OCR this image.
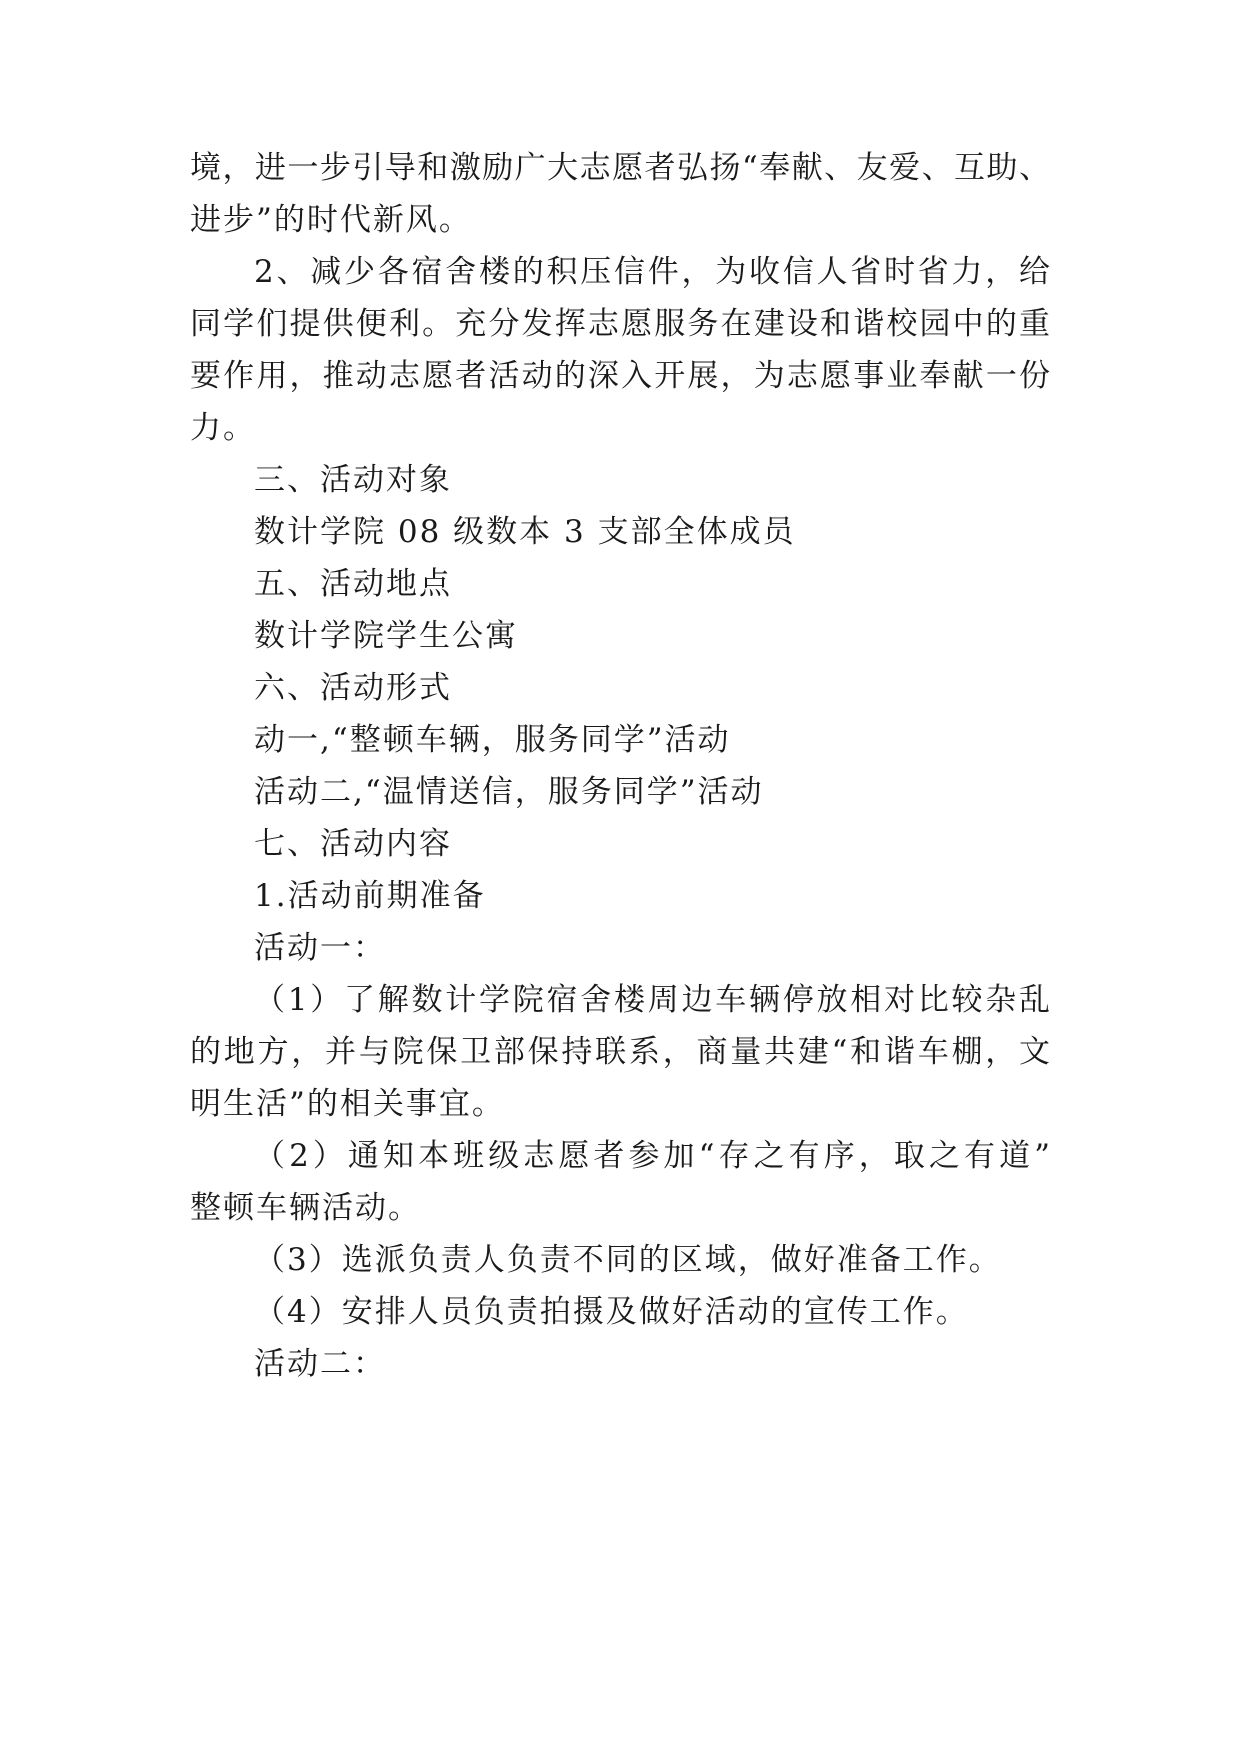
境，进一步引导和激励广大志愿者弘扬“奉献、友爱、互助、
进步”的时代新风。
2、减少各宿舍楼的积压信件，为收信人省时省力，给
同学们提供便利。充分发挥志愿服务在建设和谐校园中的重
要作用，推动志愿者活动的深入开展，为志愿事业奉献一份
力。
三、活动对象
数计学院 08 级数本 3 支部全体成员
五、活动地点
数计学院学生公寓
六、活动形式
动一,“整顿车辆，服务同学”活动
活动二,“温情送信，服务同学”活动
七、活动内容
1.活动前期准备
活动一：
（1）了解数计学院宿舍楼周边车辆停放相对比较杂乱
的地方，并与院保卫部保持联系，商量共建“和谐车棚，文
明生活”的相关事宜。
（2）通知本班级志愿者参加“存之有序，取之有道”
整顿车辆活动。
（3）选派负责人负责不同的区域，做好准备工作。
（4）安排人员负责拍摄及做好活动的宣传工作。
活动二：
